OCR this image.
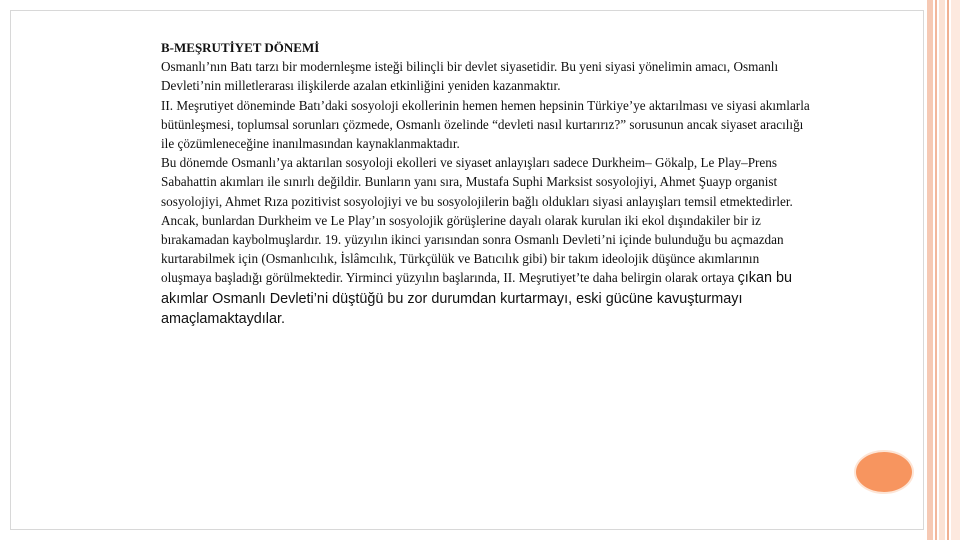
B-MEŞRUTİYET DÖNEMİ

Osmanlı’nın Batı tarzı bir modernleşme isteği bilinçli bir devlet siyasetidir. Bu yeni siyasi yönelimin amacı, Osmanlı Devleti’nin milletlerarası ilişkilerde azalan etkinliğini yeniden kazanmaktır.

II. Meşrutiyet döneminde Batı’daki sosyoloji ekollerinin hemen hemen hepsinin Türkiye’ye aktarılması ve siyasi akımlarla bütünleşmesi, toplumsal sorunları çözmede, Osmanlı özelinde “devleti nasıl kurtarırız?” sorusunun ancak siyaset aracılığı ile çözümleneceğine inanılmasından kaynaklanmaktadır.

Bu dönemde Osmanlı’ya aktarılan sosyoloji ekolleri ve siyaset anlayışları sadece Durkheim– Gökalp, Le Play–Prens Sabahattin akımları ile sınırlı değildir. Bunların yanı sıra, Mustafa Suphi Marksist sosyolojiyi, Ahmet Şuayp organist sosyolojiyi, Ahmet Rıza pozitivist sosyolojiyi ve bu sosyolojilerin bağlı oldukları siyasi anlayışları temsil etmektedirler. Ancak, bunlardan Durkheim ve Le Play’ın sosyolojik görüşlerine dayalı olarak kurulan iki ekol dışındakiler bir iz bırakamadan kaybolmuşlardır. 19. yüzyılın ikinci yarısından sonra Osmanlı Devleti’ni içinde bulunduğu bu açmazdan kurtarabilmek için (Osmanlıcılık, İslâmcılık, Türkçülük ve Batıcılık gibi) bir takım ideolojik düşünce akımlarının oluşmaya başladığı görülmektedir. Yirminci yüzyılın başlarında, II. Meşrutiyet’te daha belirgin olarak ortaya çıkan bu akımlar Osmanlı Devleti’ni düştüğü bu zor durumdan kurtarmayı, eski gücüne kavuşturmayı amaçlamaktaydılar.
